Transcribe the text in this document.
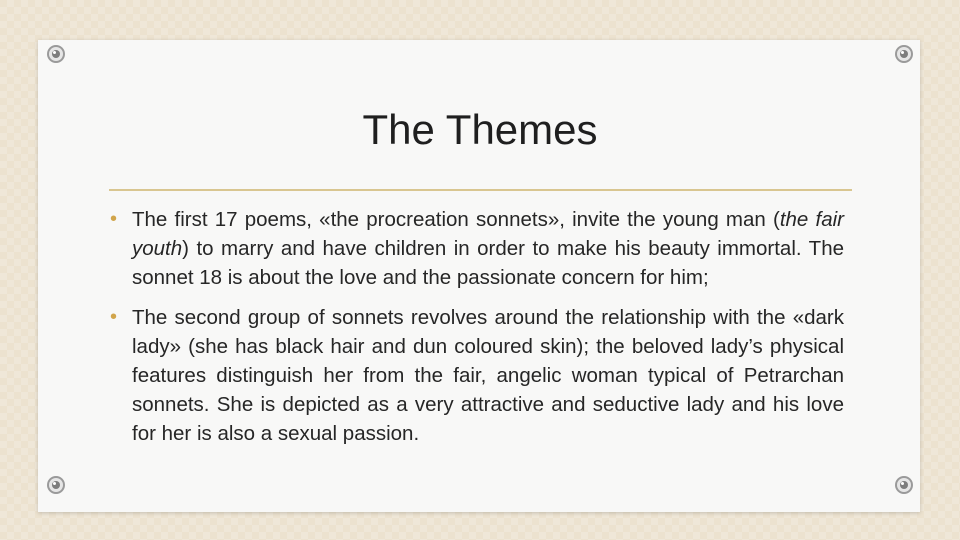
The Themes
• The first 17 poems, «the procreation sonnets», invite the young man (the fair youth) to marry and have children in order to make his beauty immortal. The sonnet 18 is about the love and the passionate concern for him;
• The second group of sonnets revolves around the relationship with the «dark lady» (she has black hair and dun coloured skin); the beloved lady’s physical features distinguish her from the fair, angelic woman typical of Petrarchan sonnets. She is depicted as a very attractive and seductive lady and his love for her is also a sexual passion.
